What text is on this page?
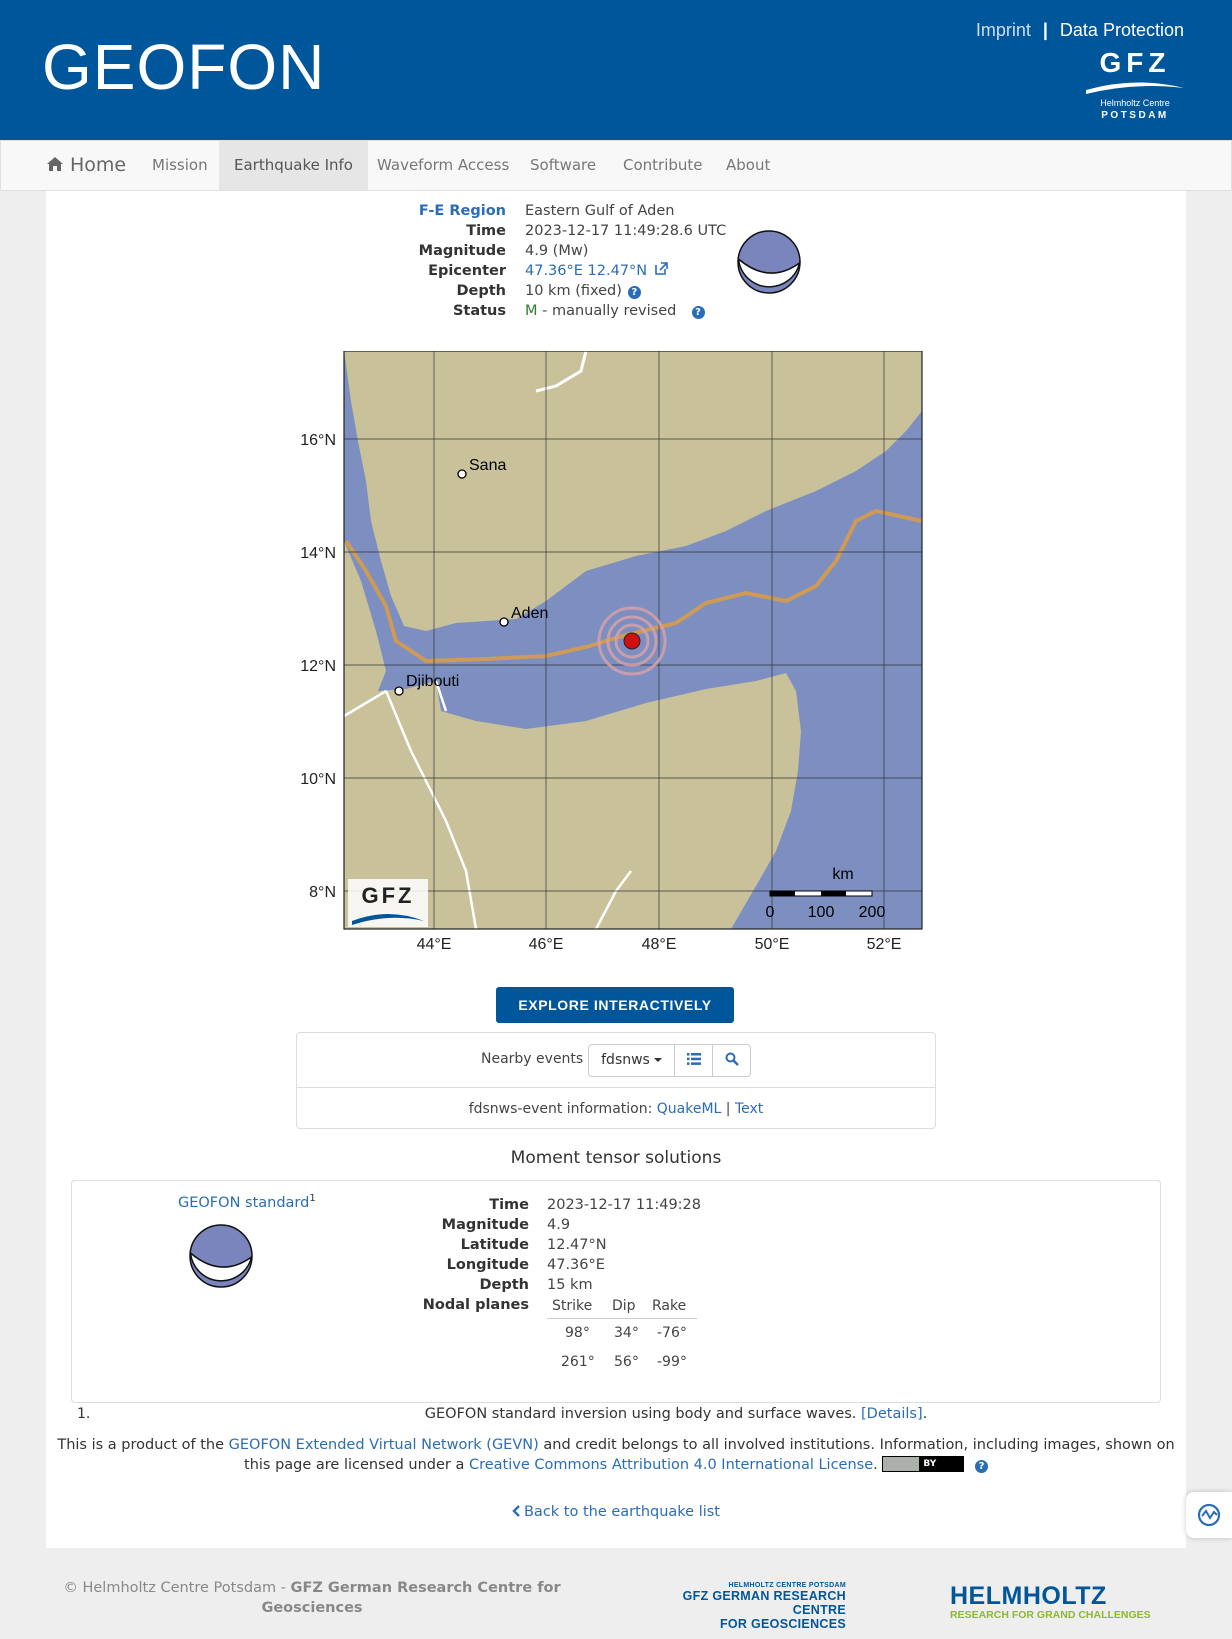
GEOFON
Imprint | Data Protection
GFZ
Helmholtz Centre
POTSDAM
Home	Mission	Earthquake Info	Waveform Access	Software	Contribute	About
F-E Region Eastern Gulf of Aden
Time 2023-12-17 11:49:28.6 UTC
Magnitude 4.9 (Mw)
Epicenter 47.36°E 12.47°N
Depth 10 km (fixed) ?
Status M - manually revised ?
16°N
14°N
12°N
10°N
8°N
44°E	46°E	48°E	50°E	52°E
Sana
Aden
Djibouti
km
0 100 200
GFZ
EXPLORE INTERACTIVELY
Nearby events	fdsnws
fdsnws-event information: QuakeML | Text
Moment tensor solutions
GEOFON standard$^1$	Time 2023-12-17 11:49:28
Magnitude 4.9
Latitude 12.47°N
Longitude 47.36°E
Depth 15 km
Nodal planes Strike Dip Rake
98° 34° -76°
261° 56° -99°
1.	GEOFON standard inversion using body and surface waves. [Details].
This is a product of the GEOFON Extended Virtual Network (GEVN) and credit belongs to all involved institutions. Information, including images, shown on this page are licensed under a Creative Commons Attribution 4.0 International License.	BY	?
Back to the earthquake list
© Helmholtz Centre Potsdam - GFZ German Research Centre for Geosciences
HELMHOLTZ CENTRE POTSDAM
GFZ GERMAN RESEARCH CENTRE
FOR GEOSCIENCES
HELMHOLTZ
RESEARCH FOR GRAND CHALLENGES
